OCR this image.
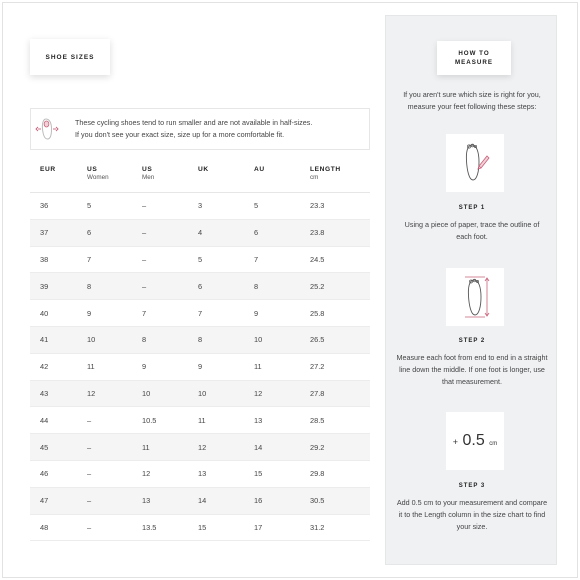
SHOE SIZES
These cycling shoes tend to run smaller and are not available in half-sizes.
If you don't see your exact size, size up for a more comfortable fit.
EUR	US
Women
US
Men
UK	AU	LENGTH
cm
36	5	–	3	5	23.3
37	6	–	4	6	23.8
38	7	–	5	7	24.5
39	8	–	6	8	25.2
40	9	7	7	9	25.8
41	10	8	8	10	26.5
42	11	9	9	11	27.2
43	12	10	10	12	27.8
44	–	10.5	11	13	28.5
45	–	11	12	14	29.2
46	–	12	13	15	29.8
47	–	13	14	16	30.5
48	–	13.5	15	17	31.2
HOW TO
MEASURE
If you aren't sure which size is right for you, measure your feet following these steps:
STEP 1
Using a piece of paper, trace the outline of each foot.
STEP 2
Measure each foot from end to end in a straight line down the middle. If one foot is longer, use that measurement.
+ 0.5 cm
STEP 3
Add 0.5 cm to your measurement and compare it to the Length column in the size chart to find your size.
